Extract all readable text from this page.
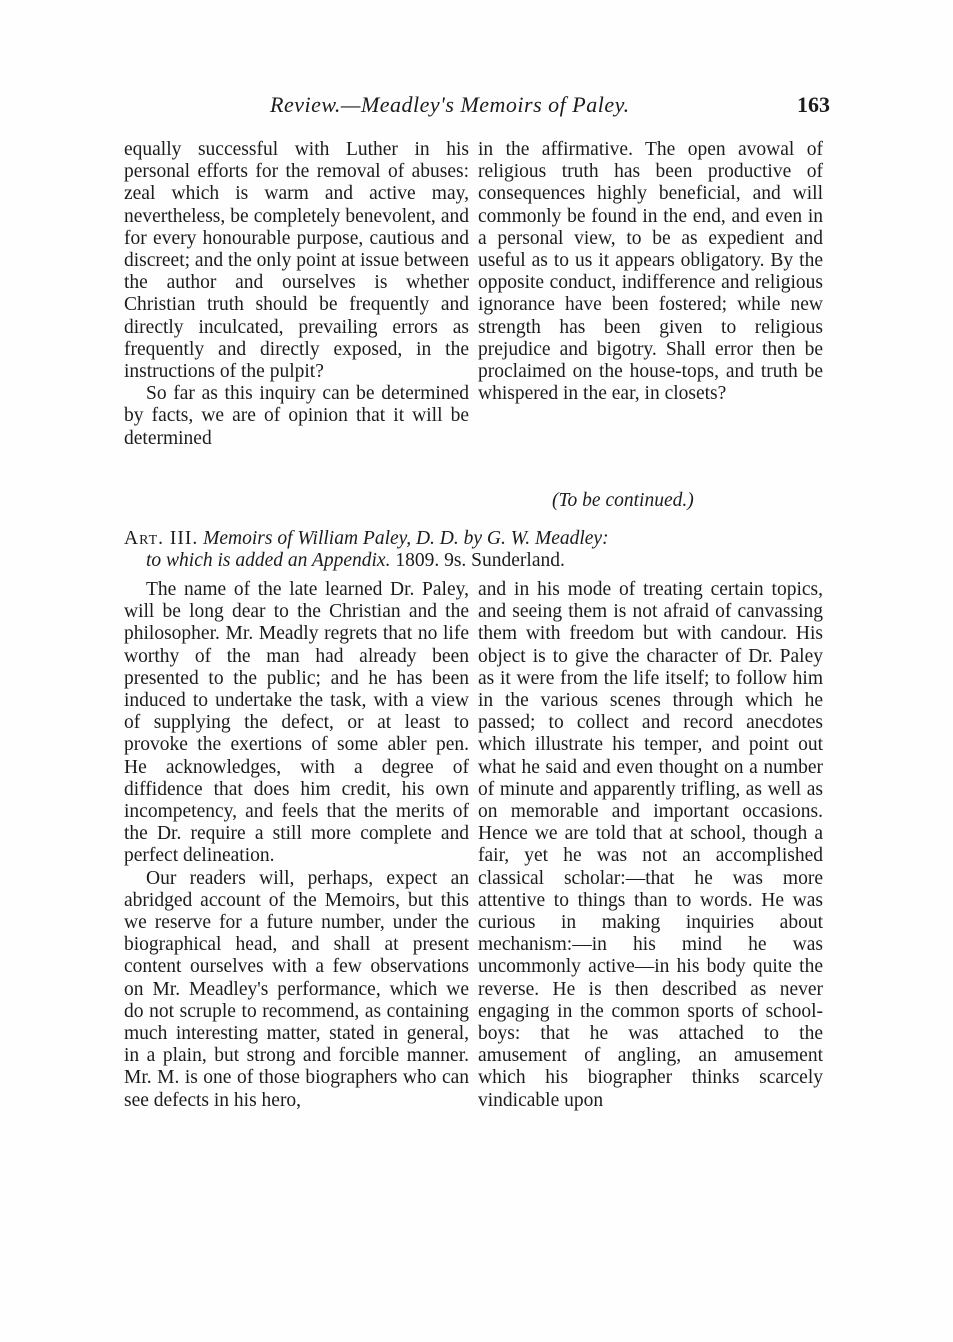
Review.—Meadley's Memoirs of Paley.	163

equally successful with Luther in his personal efforts for the removal of abuses: zeal which is warm and active may, nevertheless, be completely benevolent, and for every honourable purpose, cautious and discreet; and the only point at issue between the author and ourselves is whether Christian truth should be frequently and directly inculcated, prevailing errors as frequently and directly exposed, in the instructions of the pulpit?

So far as this inquiry can be determined by facts, we are of opinion that it will be determined

in the affirmative. The open avowal of religious truth has been productive of consequences highly beneficial, and will commonly be found in the end, and even in a personal view, to be as expedient and useful as to us it appears obligatory. By the opposite conduct, indifference and religious ignorance have been fostered; while new strength has been given to religious prejudice and bigotry. Shall error then be proclaimed on the house-tops, and truth be whispered in the ear, in closets?

(To be continued.)
Art. III. Memoirs of William Paley, D. D. by G. W. Meadley:
to which is added an Appendix. 1809. 9s. Sunderland.

The name of the late learned Dr. Paley, will be long dear to the Christian and the philosopher. Mr. Meadly regrets that no life worthy of the man had already been presented to the public; and he has been induced to undertake the task, with a view of supplying the defect, or at least to provoke the exertions of some abler pen. He acknowledges, with a degree of diffidence that does him credit, his own incompetency, and feels that the merits of the Dr. require a still more complete and perfect delineation.

Our readers will, perhaps, expect an abridged account of the Memoirs, but this we reserve for a future number, under the biographical head, and shall at present content ourselves with a few observations on Mr. Meadley's performance, which we do not scruple to recommend, as containing much interesting matter, stated in general, in a plain, but strong and forcible manner. Mr. M. is one of those biographers who can see defects in his hero,

and in his mode of treating certain topics, and seeing them is not afraid of canvassing them with freedom but with candour. His object is to give the character of Dr. Paley as it were from the life itself; to follow him in the various scenes through which he passed; to collect and record anecdotes which illustrate his temper, and point out what he said and even thought on a number of minute and apparently trifling, as well as on memorable and important occasions. Hence we are told that at school, though a fair, yet he was not an accomplished classical scholar:—that he was more attentive to things than to words. He was curious in making inquiries about mechanism:—in his mind he was uncommonly active—in his body quite the reverse. He is then described as never engaging in the common sports of school-boys: that he was attached to the amusement of angling, an amusement which his biographer thinks scarcely vindicable upon
